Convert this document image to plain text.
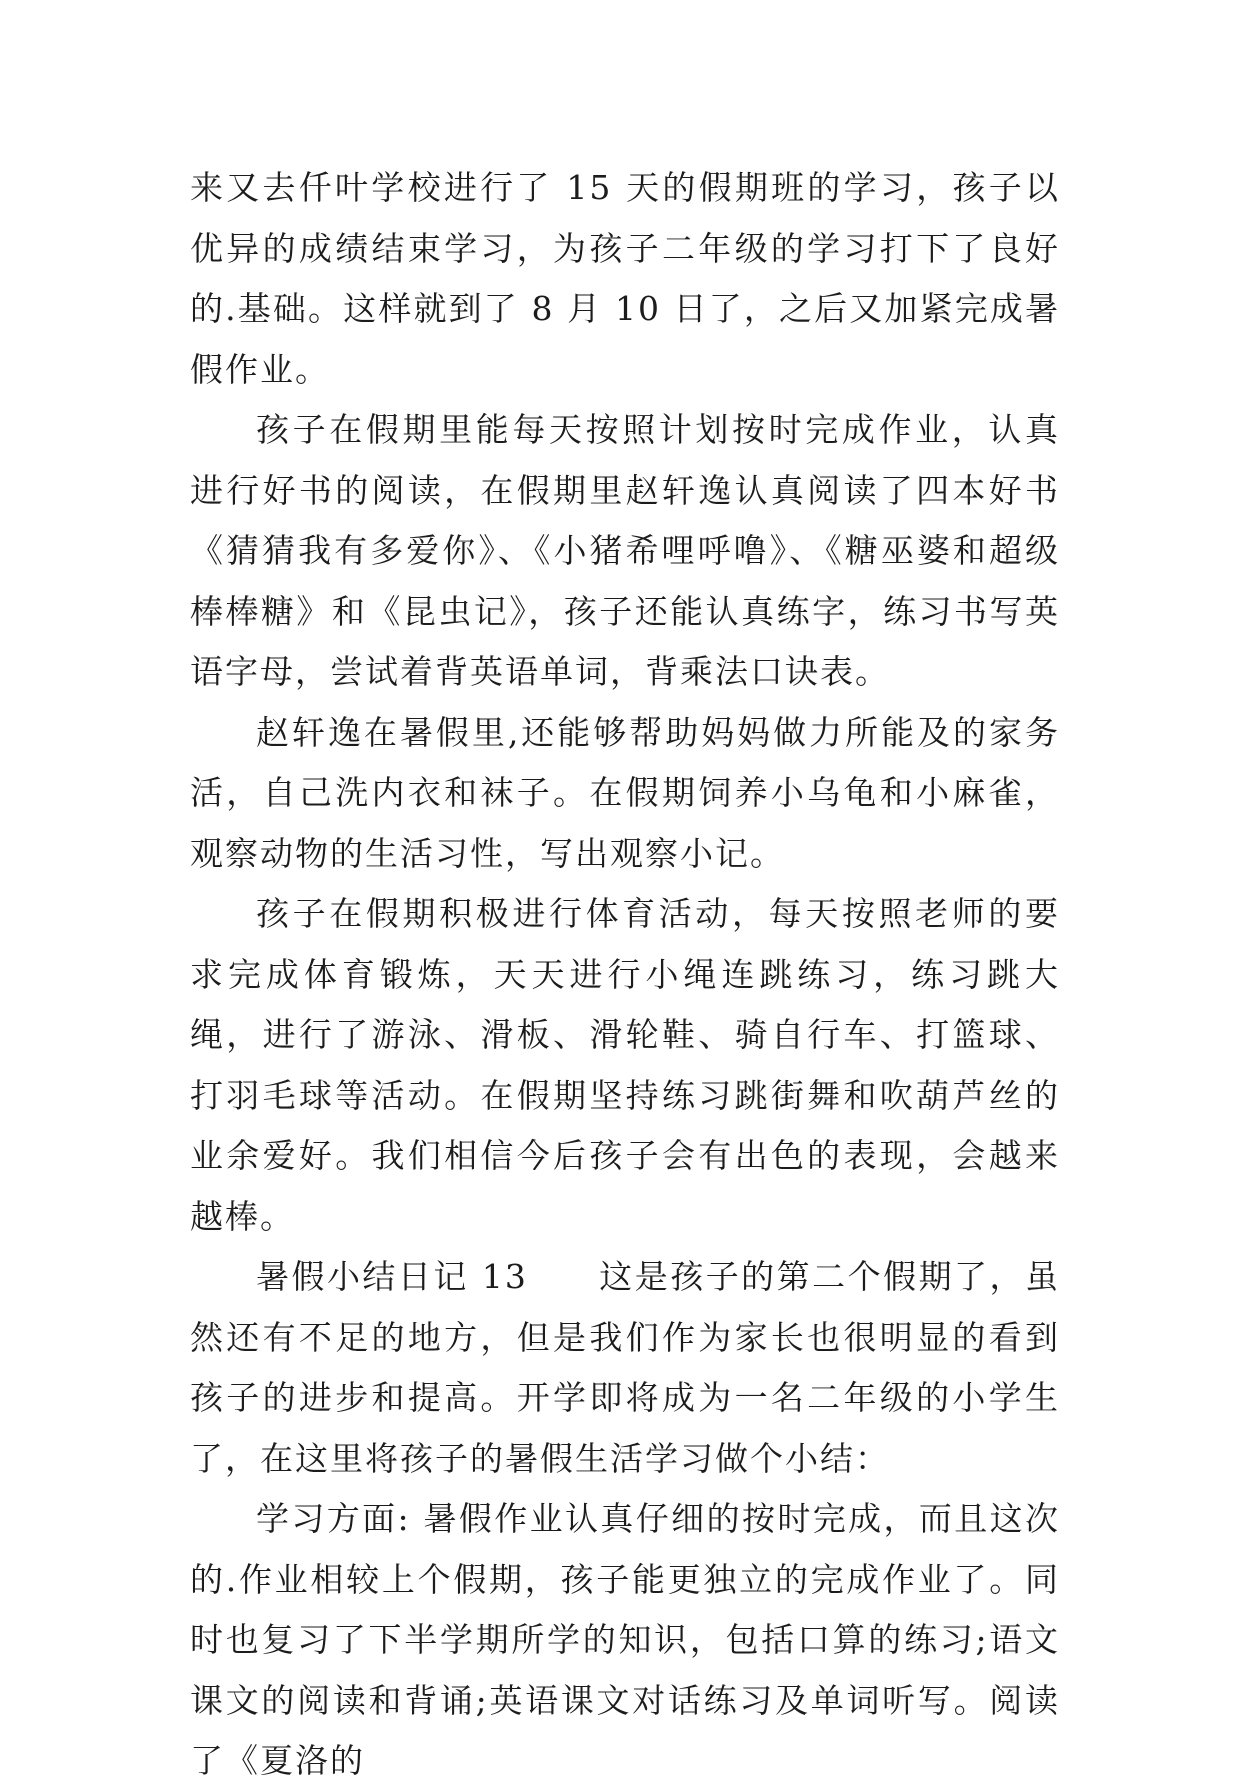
来又去仟叶学校进行了 15 天的假期班的学习，孩子以优异的成绩结束学习，为孩子二年级的学习打下了良好的.基础。这样就到了 8 月 10 日了，之后又加紧完成暑假作业。

孩子在假期里能每天按照计划按时完成作业，认真进行好书的阅读，在假期里赵轩逸认真阅读了四本好书《猜猜我有多爱你》、《小猪希哩呼噜》、《糖巫婆和超级棒棒糖》和《昆虫记》，孩子还能认真练字，练习书写英语字母，尝试着背英语单词，背乘法口诀表。

赵轩逸在暑假里,还能够帮助妈妈做力所能及的家务活，自己洗内衣和袜子。在假期饲养小乌龟和小麻雀，观察动物的生活习性，写出观察小记。

孩子在假期积极进行体育活动，每天按照老师的要求完成体育锻炼，天天进行小绳连跳练习，练习跳大绳，进行了游泳、滑板、滑轮鞋、骑自行车、打篮球、打羽毛球等活动。在假期坚持练习跳街舞和吹葫芦丝的业余爱好。我们相信今后孩子会有出色的表现，会越来越棒。

暑假小结日记 13　　这是孩子的第二个假期了，虽然还有不足的地方，但是我们作为家长也很明显的看到孩子的进步和提高。开学即将成为一名二年级的小学生了，在这里将孩子的暑假生活学习做个小结：

学习方面: 暑假作业认真仔细的按时完成，而且这次的.作业相较上个假期，孩子能更独立的完成作业了。同时也复习了下半学期所学的知识，包括口算的练习;语文课文的阅读和背诵;英语课文对话练习及单词听写。阅读了《夏洛的
